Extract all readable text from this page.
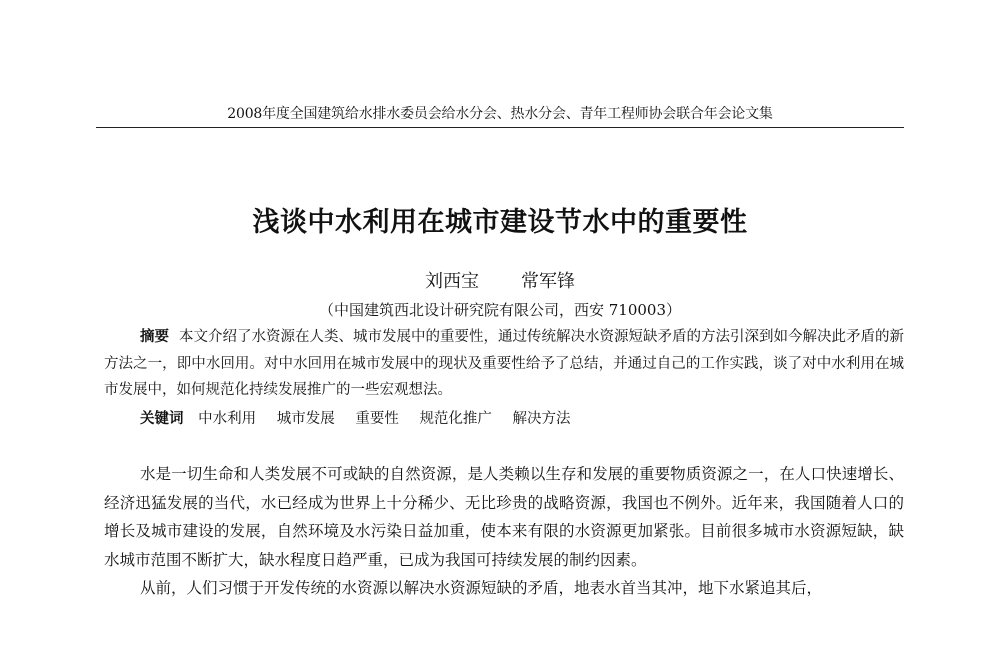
2008年度全国建筑给水排水委员会给水分会、热水分会、青年工程师协会联合年会论文集
浅谈中水利用在城市建设节水中的重要性
刘西宝 常军锋
（中国建筑西北设计研究院有限公司，西安 710003）

摘要 本文介绍了水资源在人类、城市发展中的重要性，通过传统解决水资源短缺矛盾的方法引深到如今解决此矛盾的新方法之一，即中水回用。对中水回用在城市发展中的现状及重要性给予了总结，并通过自己的工作实践，谈了对中水利用在城市发展中，如何规范化持续发展推广的一些宏观想法。

关键词 中水利用 城市发展 重要性 规范化推广 解决方法

水是一切生命和人类发展不可或缺的自然资源，是人类赖以生存和发展的重要物质资源之一，在人口快速增长、经济迅猛发展的当代，水已经成为世界上十分稀少、无比珍贵的战略资源，我国也不例外。近年来，我国随着人口的增长及城市建设的发展，自然环境及水污染日益加重，使本来有限的水资源更加紧张。目前很多城市水资源短缺，缺水城市范围不断扩大，缺水程度日趋严重，已成为我国可持续发展的制约因素。

从前，人们习惯于开发传统的水资源以解决水资源短缺的矛盾，地表水首当其冲，地下水紧追其后，
